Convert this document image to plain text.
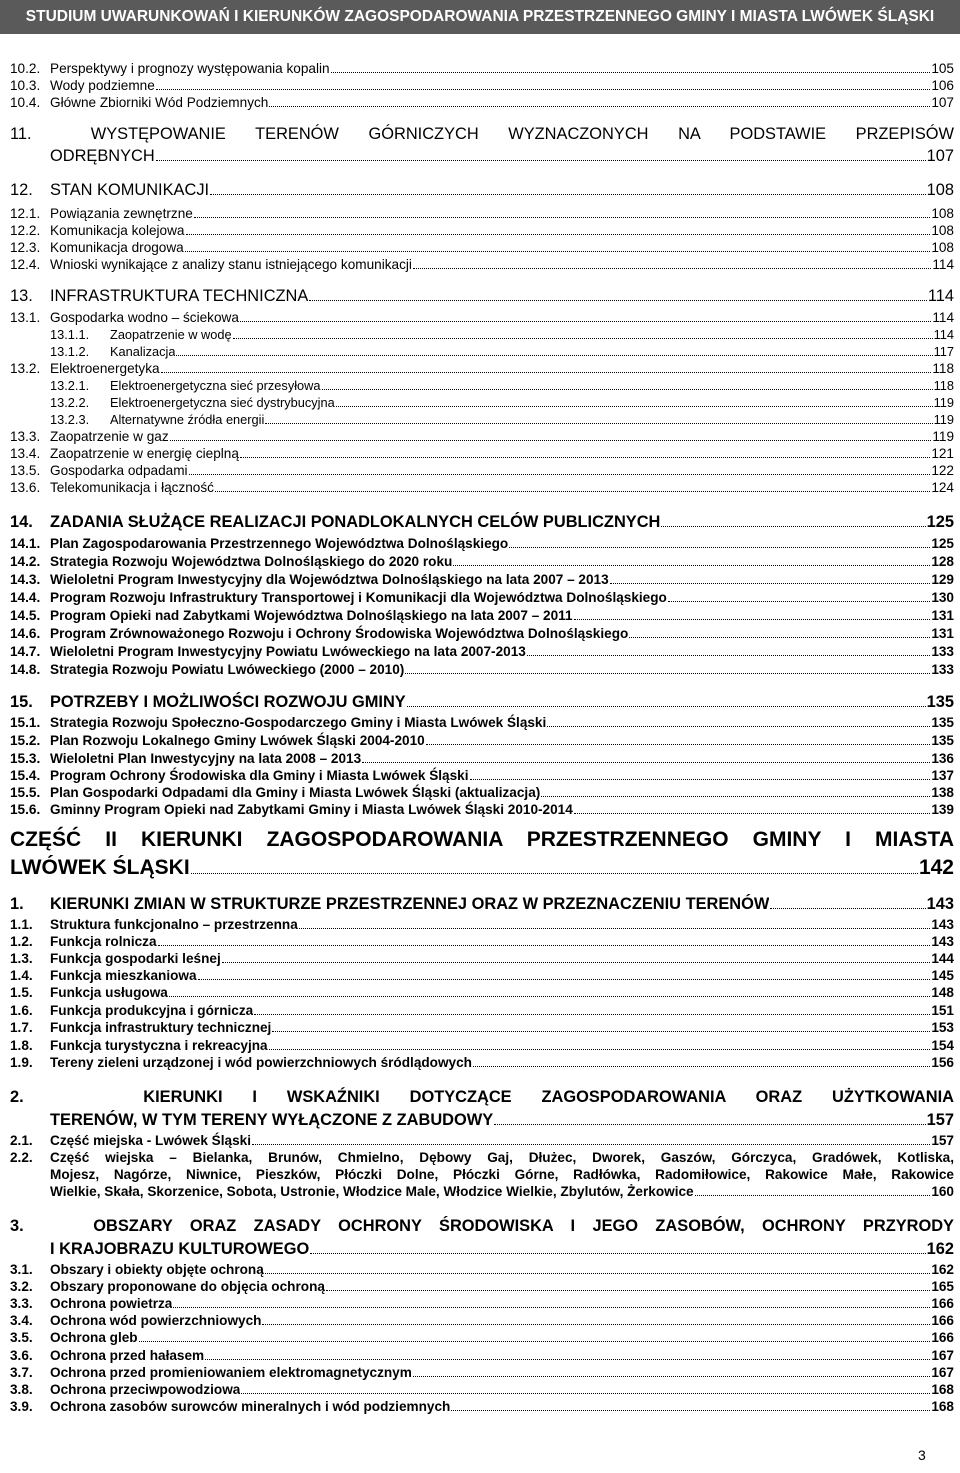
STUDIUM UWARUNKOWAŃ I KIERUNKÓW ZAGOSPODAROWANIA PRZESTRZENNEGO GMINY I MIASTA LWÓWEK ŚLĄSKI
10.2. Perspektywy i prognozy występowania kopalin	105
10.3. Wody podziemne	106
10.4. Główne Zbiorniki Wód Podziemnych	107
11.	WYSTĘPOWANIE TERENÓW GÓRNICZYCH WYZNACZONYCH NA PODSTAWIE PRZEPISÓW
ODRĘBNYCH	107
12.	STAN KOMUNIKACJI	108
12.1. Powiązania zewnętrzne	108
12.2. Komunikacja kolejowa	108
12.3. Komunikacja drogowa	108
12.4. Wnioski wynikające z analizy stanu istniejącego komunikacji	114
13.	INFRASTRUKTURA TECHNICZNA	114
13.1. Gospodarka wodno – ściekowa	114
13.1.1.	Zaopatrzenie w wodę	114
13.1.2.	Kanalizacja	117
13.2. Elektroenergetyka	118
13.2.1.	Elektroenergetyczna sieć przesyłowa	118
13.2.2.	Elektroenergetyczna sieć dystrybucyjna	119
13.2.3.	Alternatywne źródła energii	119
13.3. Zaopatrzenie w gaz	119
13.4. Zaopatrzenie w energię cieplną	121
13.5. Gospodarka odpadami	122
13.6. Telekomunikacja i łączność	124
14.	ZADANIA SŁUŻĄCE REALIZACJI PONADLOKALNYCH CELÓW PUBLICZNYCH	125
14.1. Plan Zagospodarowania Przestrzennego Województwa Dolnośląskiego	125
14.2. Strategia Rozwoju Województwa Dolnośląskiego do 2020 roku	128
14.3. Wieloletni Program Inwestycyjny dla Województwa Dolnośląskiego na lata 2007 – 2013	129
14.4. Program Rozwoju Infrastruktury Transportowej i Komunikacji dla Województwa Dolnośląskiego	130
14.5. Program Opieki nad Zabytkami Województwa Dolnośląskiego na lata 2007 – 2011	131
14.6. Program Zrównoważonego Rozwoju i Ochrony Środowiska Województwa Dolnośląskiego	131
14.7. Wieloletni Program Inwestycyjny Powiatu Lwóweckiego na lata 2007-2013	133
14.8. Strategia Rozwoju Powiatu Lwóweckiego (2000 – 2010)	133
15.	POTRZEBY I MOŻLIWOŚCI ROZWOJU GMINY	135
15.1. Strategia Rozwoju Społeczno-Gospodarczego Gminy i Miasta Lwówek Śląski	135
15.2. Plan Rozwoju Lokalnego Gminy Lwówek Śląski 2004-2010	135
15.3. Wieloletni Plan Inwestycyjny na lata 2008 – 2013	136
15.4. Program Ochrony Środowiska dla Gminy i Miasta Lwówek Śląski	137
15.5. Plan Gospodarki Odpadami dla Gminy i Miasta Lwówek Śląski (aktualizacja)	138
15.6. Gminny Program Opieki nad Zabytkami Gminy i Miasta Lwówek Śląski 2010-2014	139
CZĘŚĆ II KIERUNKI ZAGOSPODAROWANIA PRZESTRZENNEGO GMINY I MIASTA
LWÓWEK ŚLĄSKI	142
1.	KIERUNKI ZMIAN W STRUKTURZE PRZESTRZENNEJ ORAZ W PRZEZNACZENIU TERENÓW	143
1.1.	Struktura funkcjonalno – przestrzenna	143
1.2.	Funkcja rolnicza	143
1.3.	Funkcja gospodarki leśnej	144
1.4.	Funkcja mieszkaniowa	145
1.5.	Funkcja usługowa	148
1.6.	Funkcja produkcyjna i górnicza	151
1.7.	Funkcja infrastruktury technicznej	153
1.8.	Funkcja turystyczna i rekreacyjna	154
1.9.	Tereny zieleni urządzonej i wód powierzchniowych śródlądowych	156
2.	KIERUNKI I WSKAŹNIKI DOTYCZĄCE ZAGOSPODAROWANIA ORAZ UŻYTKOWANIA
TERENÓW, W TYM TERENY WYŁĄCZONE Z ZABUDOWY	157
2.1.	Część miejska - Lwówek Śląski	157
2.2. Część wiejska – Bielanka, Brunów, Chmielno, Dębowy Gaj, Dłużec, Dworek, Gaszów, Górczyca, Gradówek, Kotliska,
Mojesz, Nagórze, Niwnice, Pieszków, Płóczki Dolne, Płóczki Górne, Radłówka, Radomiłowice, Rakowice Małe, Rakowice
Wielkie, Skała, Skorzenice, Sobota, Ustronie, Włodzice Male, Włodzice Wielkie, Zbylutów, Żerkowice	160
3.	OBSZARY ORAZ ZASADY OCHRONY ŚRODOWISKA I JEGO ZASOBÓW, OCHRONY PRZYRODY
I KRAJOBRAZU KULTUROWEGO	162
3.1.	Obszary i obiekty objęte ochroną	162
3.2.	Obszary proponowane do objęcia ochroną	165
3.3.	Ochrona powietrza	166
3.4.	Ochrona wód powierzchniowych	166
3.5.	Ochrona gleb	166
3.6.	Ochrona przed hałasem	167
3.7.	Ochrona przed promieniowaniem elektromagnetycznym	167
3.8.	Ochrona przeciwpowodziowa	168
3.9.	Ochrona zasobów surowców mineralnych i wód podziemnych	168
3
